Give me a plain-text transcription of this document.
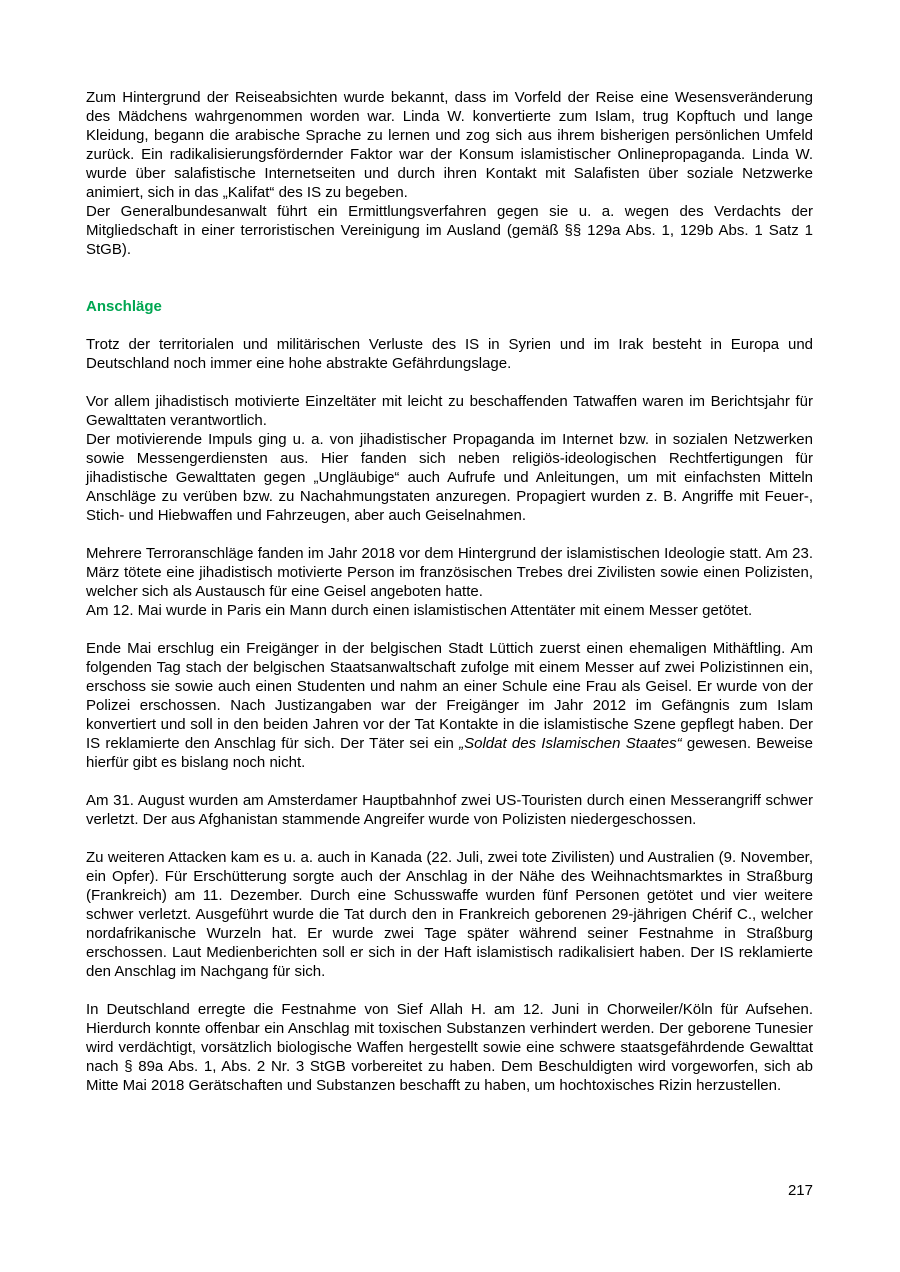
Zum Hintergrund der Reiseabsichten wurde bekannt, dass im Vorfeld der Reise eine Wesensveränderung des Mädchens wahrgenommen worden war. Linda W. konvertierte zum Islam, trug Kopftuch und lange Kleidung, begann die arabische Sprache zu lernen und zog sich aus ihrem bisherigen persönlichen Umfeld zurück. Ein radikalisierungsfördernder Faktor war der Konsum islamistischer Onlinepropaganda. Linda W. wurde über salafistische Internetseiten und durch ihren Kontakt mit Salafisten über soziale Netzwerke animiert, sich in das „Kalifat“ des IS zu begeben.

Der Generalbundesanwalt führt ein Ermittlungsverfahren gegen sie u. a. wegen des Verdachts der Mitgliedschaft in einer terroristischen Vereinigung im Ausland (gemäß §§ 129a Abs. 1, 129b Abs. 1 Satz 1 StGB).

Anschläge

Trotz der territorialen und militärischen Verluste des IS in Syrien und im Irak besteht in Europa und Deutschland noch immer eine hohe abstrakte Gefährdungslage.

Vor allem jihadistisch motivierte Einzeltäter mit leicht zu beschaffenden Tatwaffen waren im Berichtsjahr für Gewalttaten verantwortlich.

Der motivierende Impuls ging u. a. von jihadistischer Propaganda im Internet bzw. in sozialen Netzwerken sowie Messengerdiensten aus. Hier fanden sich neben religiös-ideologischen Rechtfertigungen für jihadistische Gewalttaten gegen „Ungläubige“ auch Aufrufe und Anleitungen, um mit einfachsten Mitteln Anschläge zu verüben bzw. zu Nachahmungstaten anzuregen. Propagiert wurden z. B. Angriffe mit Feuer-, Stich- und Hiebwaffen und Fahrzeugen, aber auch Geiselnahmen.

Mehrere Terroranschläge fanden im Jahr 2018 vor dem Hintergrund der islamistischen Ideologie statt. Am 23. März tötete eine jihadistisch motivierte Person im französischen Trebes drei Zivilisten sowie einen Polizisten, welcher sich als Austausch für eine Geisel angeboten hatte.

Am 12. Mai wurde in Paris ein Mann durch einen islamistischen Attentäter mit einem Messer getötet.

Ende Mai erschlug ein Freigänger in der belgischen Stadt Lüttich zuerst einen ehemaligen Mithäftling. Am folgenden Tag stach der belgischen Staatsanwaltschaft zufolge mit einem Messer auf zwei Polizistinnen ein, erschoss sie sowie auch einen Studenten und nahm an einer Schule eine Frau als Geisel. Er wurde von der Polizei erschossen. Nach Justizangaben war der Freigänger im Jahr 2012 im Gefängnis zum Islam konvertiert und soll in den beiden Jahren vor der Tat Kontakte in die islamistische Szene gepflegt haben. Der IS reklamierte den Anschlag für sich. Der Täter sei ein „Soldat des Islamischen Staates“ gewesen. Beweise hierfür gibt es bislang noch nicht.

Am 31. August wurden am Amsterdamer Hauptbahnhof zwei US-Touristen durch einen Messerangriff schwer verletzt. Der aus Afghanistan stammende Angreifer wurde von Polizisten niedergeschossen.

Zu weiteren Attacken kam es u. a. auch in Kanada (22. Juli, zwei tote Zivilisten) und Australien (9. November, ein Opfer). Für Erschütterung sorgte auch der Anschlag in der Nähe des Weihnachtsmarktes in Straßburg (Frankreich) am 11. Dezember. Durch eine Schusswaffe wurden fünf Personen getötet und vier weitere schwer verletzt. Ausgeführt wurde die Tat durch den in Frankreich geborenen 29-jährigen Chérif C., welcher nordafrikanische Wurzeln hat. Er wurde zwei Tage später während seiner Festnahme in Straßburg erschossen. Laut Medienberichten soll er sich in der Haft islamistisch radikalisiert haben. Der IS reklamierte den Anschlag im Nachgang für sich.

In Deutschland erregte die Festnahme von Sief Allah H. am 12. Juni in Chorweiler/Köln für Aufsehen. Hierdurch konnte offenbar ein Anschlag mit toxischen Substanzen verhindert werden. Der geborene Tunesier wird verdächtigt, vorsätzlich biologische Waffen hergestellt sowie eine schwere staatsgefährdende Gewalttat nach § 89a Abs. 1, Abs. 2 Nr. 3 StGB vorbereitet zu haben. Dem Beschuldigten wird vorgeworfen, sich ab Mitte Mai 2018 Gerätschaften und Substanzen beschafft zu haben, um hochtoxisches Rizin herzustellen.

217
